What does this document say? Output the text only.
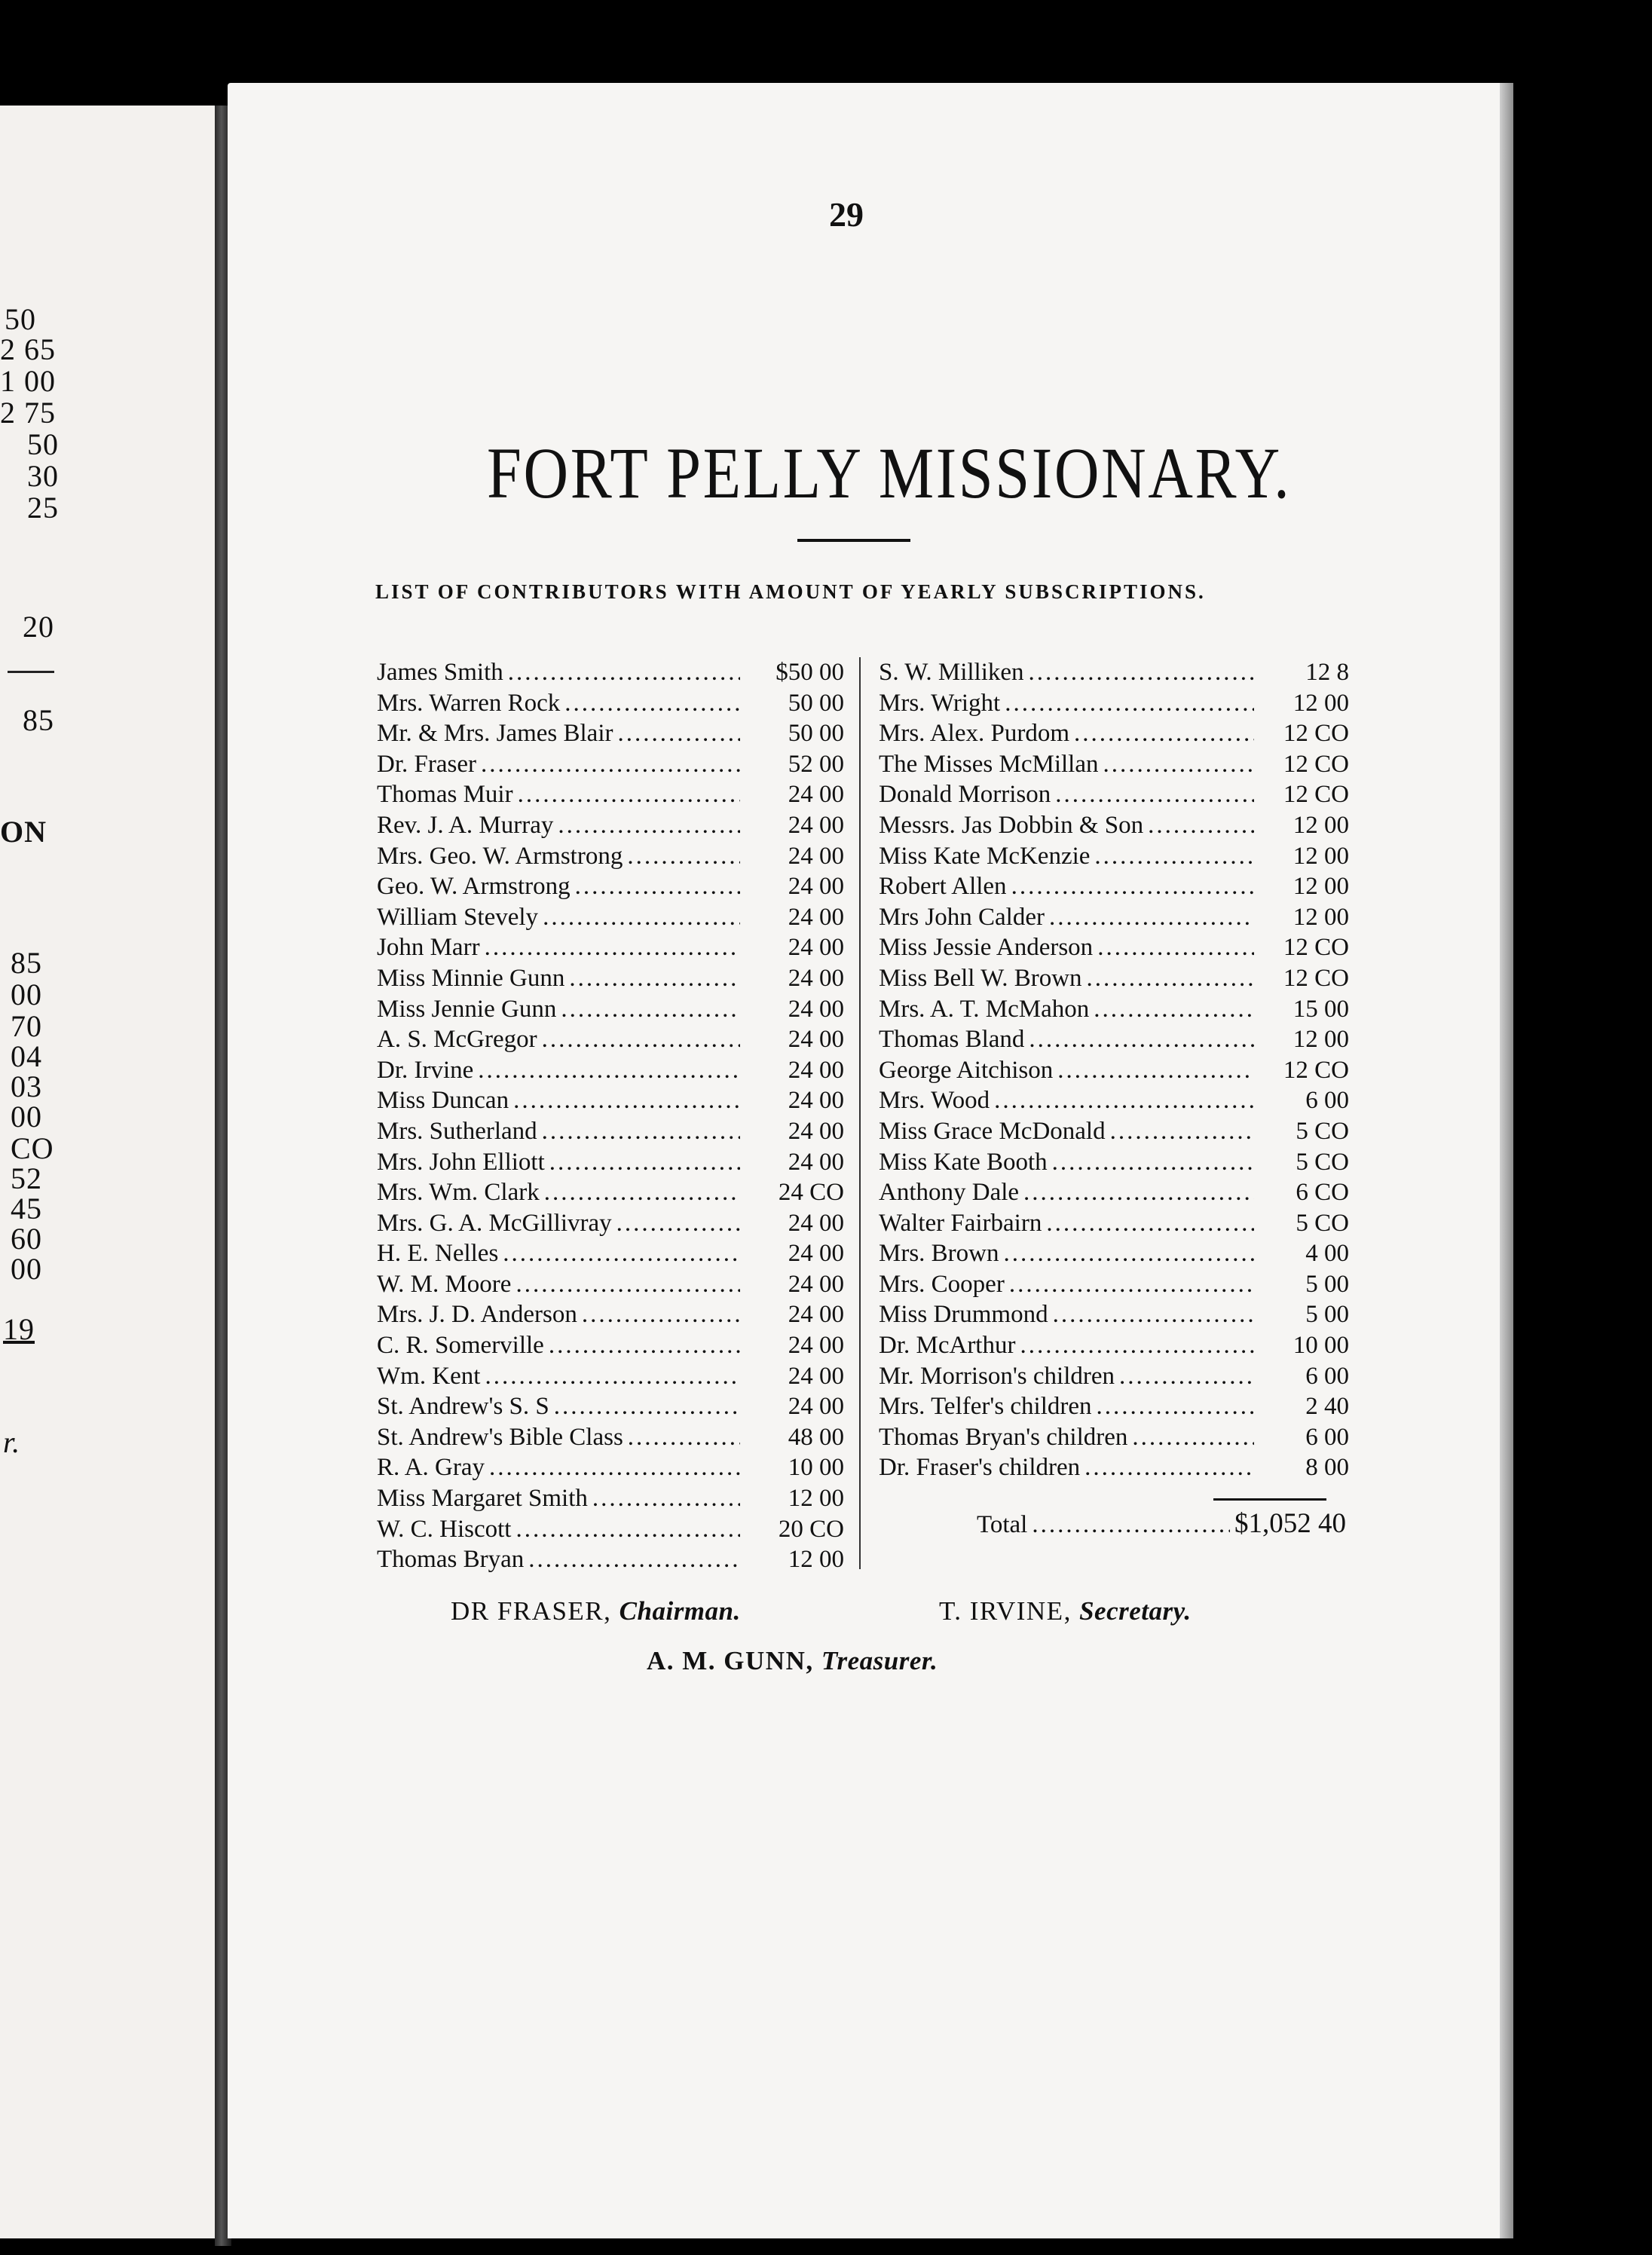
50
2 65
1 00
2 75
50
30
25
20
85
ON
85
00
70
04
03
00
CO
52
45
60
00
19
r.
29
FORT PELLY MISSIONARY.
LIST OF CONTRIBUTORS WITH AMOUNT OF YEARLY SUBSCRIPTIONS.
James Smith .....	$50 00
Mrs. Warren Rock .....	50 00
Mr. & Mrs. James Blair .....	50 00
Dr. Fraser .....	52 00
Thomas Muir .....	24 00
Rev. J. A. Murray .....	24 00
Mrs. Geo. W. Armstrong .....	24 00
Geo. W. Armstrong .....	24 00
William Stevely .....	24 00
John Marr .....	24 00
Miss Minnie Gunn .....	24 00
Miss Jennie Gunn .....	24 00
A. S. McGregor .....	24 00
Dr. Irvine .....	24 00
Miss Duncan .....	24 00
Mrs. Sutherland .....	24 00
Mrs. John Elliott .....	24 00
Mrs. Wm. Clark .....	24 CO
Mrs. G. A. McGillivray .....	24 00
H. E. Nelles .....	24 00
W. M. Moore .....	24 00
Mrs. J. D. Anderson .....	24 00
C. R. Somerville .....	24 00
Wm. Kent .....	24 00
St. Andrew's S. S .....	24 00
St. Andrew's Bible Class .....	48 00
R. A. Gray .....	10 00
Miss Margaret Smith .....	12 00
W. C. Hiscott .....	20 CO
Thomas Bryan .....	12 00
S. W. Milliken .....	12 8
Mrs. Wright .....	12 00
Mrs. Alex. Purdom .....	12 CO
The Misses McMillan .....	12 CO
Donald Morrison .....	12 CO
Messrs. Jas Dobbin & Son .....	12 00
Miss Kate McKenzie .....	12 00
Robert Allen .....	12 00
Mrs John Calder .....	12 00
Miss Jessie Anderson .....	12 CO
Miss Bell W. Brown .....	12 CO
Mrs. A. T. McMahon .....	15 00
Thomas Bland .....	12 00
George Aitchison .....	12 CO
Mrs. Wood .....	6 00
Miss Grace McDonald .....	5 CO
Miss Kate Booth .....	5 CO
Anthony Dale .....	6 CO
Walter Fairbairn .....	5 CO
Mrs. Brown .....	4 00
Mrs. Cooper .....	5 00
Miss Drummond .....	5 00
Dr. McArthur .....	10 00
Mr. Morrison's children .....	6 00
Mrs. Telfer's children .....	2 40
Thomas Bryan's children .....	6 00
Dr. Fraser's children .....	8 00
Total .....	$1,052 40
DR FRASER, Chairman.	T. IRVINE, Secretary.
A. M. GUNN, Treasurer.
